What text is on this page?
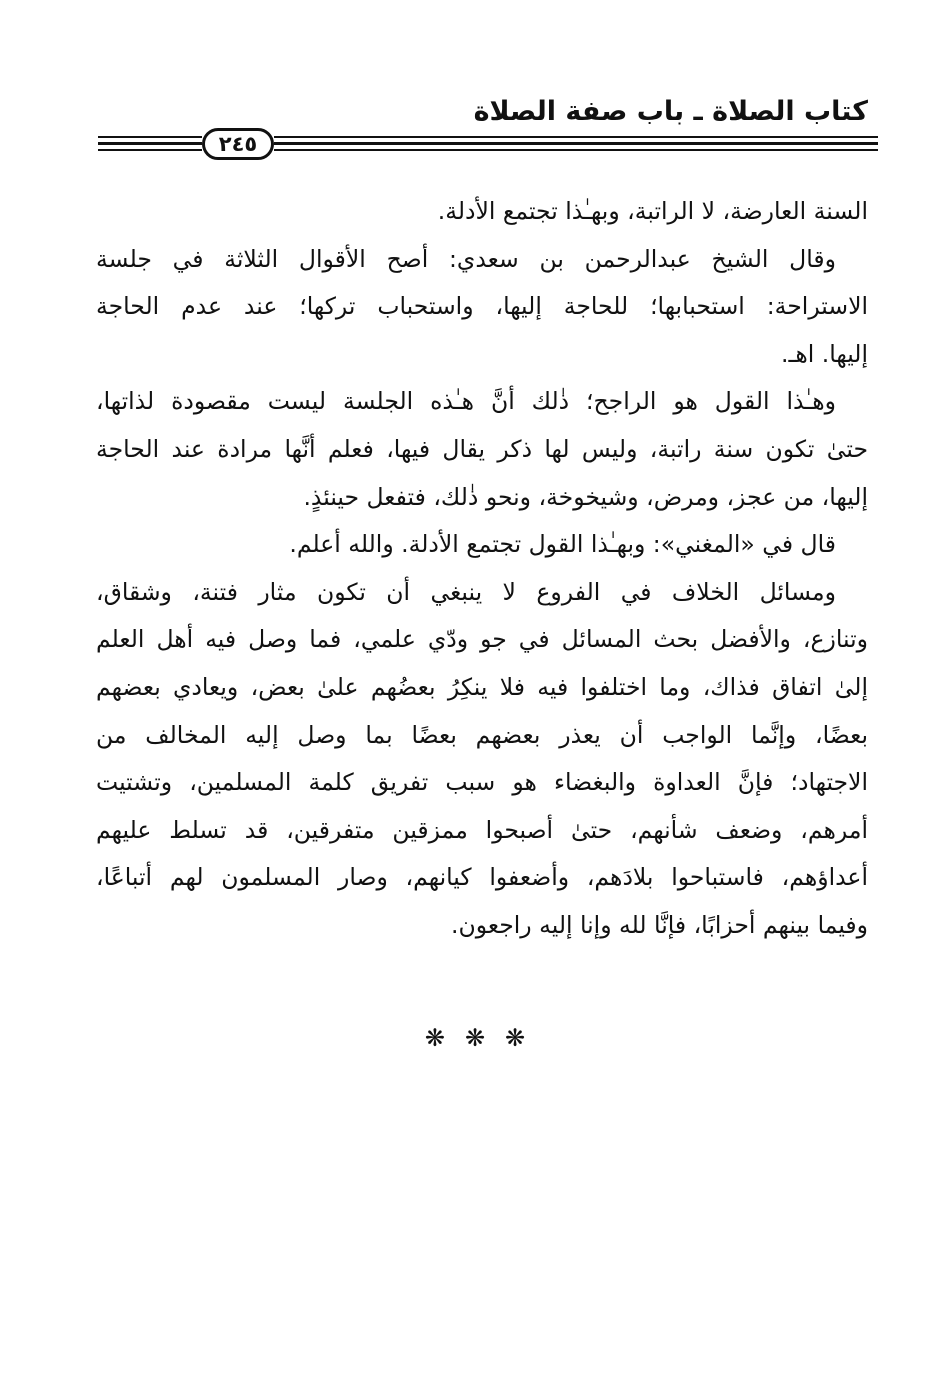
كتاب الصلاة ـ باب صفة الصلاة
٢٤٥
السنة العارضة، لا الراتبة، وبهـٰذا تجتمع الأدلة.
وقال الشيخ عبدالرحمن بن سعدي: أصح الأقوال الثلاثة في جلسة
الاستراحة: استحبابها؛ للحاجة إليها، واستحباب تركها؛ عند عدم الحاجة
إليها. اهـ.
وهـٰذا القول هو الراجح؛ ذٰلك أنَّ هـٰذه الجلسة ليست مقصودة لذاتها،
حتىٰ تكون سنة راتبة، وليس لها ذكر يقال فيها، فعلم أنَّها مرادة عند الحاجة
إليها، من عجز، ومرض، وشيخوخة، ونحو ذٰلك، فتفعل حينئذٍ.
قال في «المغني»: وبهـٰذا القول تجتمع الأدلة. والله أعلم.
ومسائل الخلاف في الفروع لا ينبغي أن تكون مثار فتنة، وشقاق،
وتنازع، والأفضل بحث المسائل في جو ودّي علمي، فما وصل فيه أهل العلم
إلىٰ اتفاق فذاك، وما اختلفوا فيه فلا ينكِرُ بعضُهم علىٰ بعض، ويعادي بعضهم
بعضًا، وإنَّما الواجب أن يعذر بعضهم بعضًا بما وصل إليه المخالف من
الاجتهاد؛ فإنَّ العداوة والبغضاء هو سبب تفريق كلمة المسلمين، وتشتيت
أمرهم، وضعف شأنهم، حتىٰ أصبحوا ممزقين متفرقين، قد تسلط عليهم
أعداؤهم، فاستباحوا بلادَهم، وأضعفوا كيانهم، وصار المسلمون لهم أتباعًا،
وفيما بينهم أحزابًا، فإنَّا لله وإنا إليه راجعون.
❋❋❋
